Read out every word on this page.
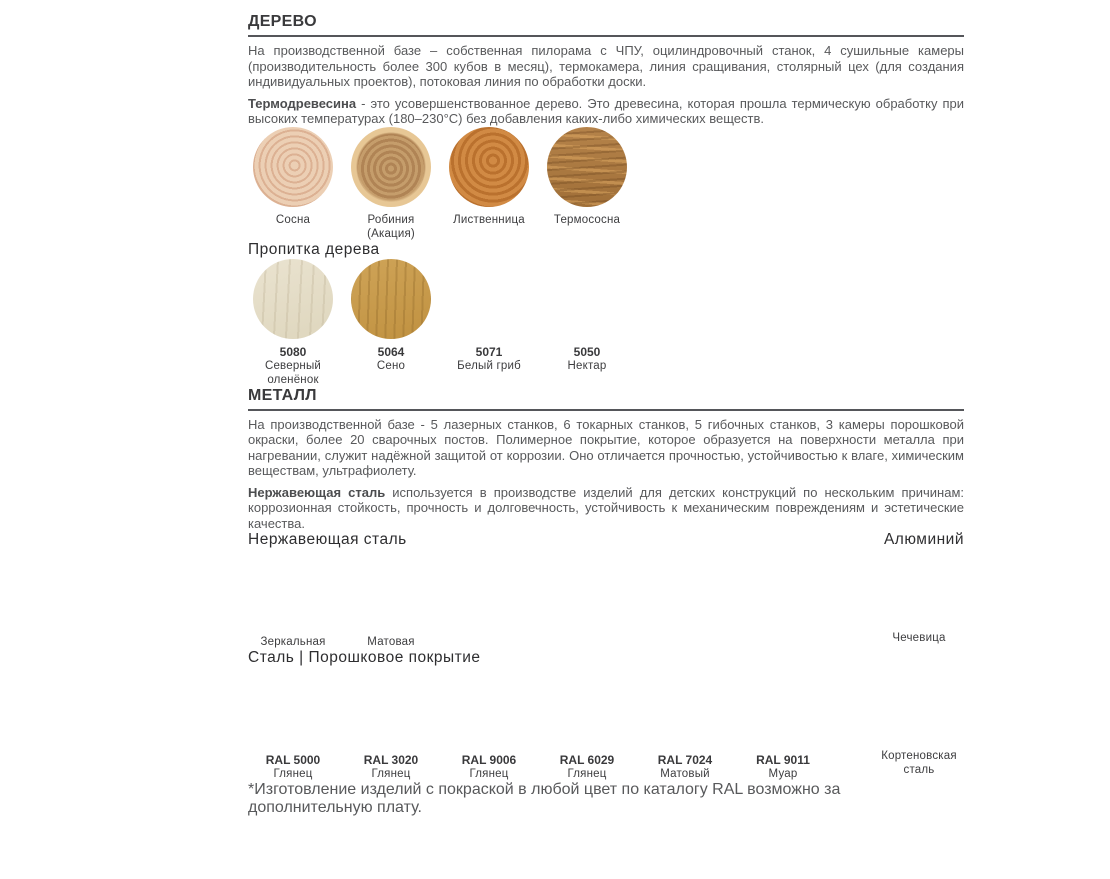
ДЕРЕВО

На производственной базе – собственная пилорама с ЧПУ, оцилиндровочный станок, 4 сушильные камеры (производительность более 300 кубов в месяц), термокамера, линия сращивания, столярный цех (для создания индивидуальных проектов), потоковая линия по обработки доски.

Термодревесина - это усовершенствованное дерево. Это древесина, которая прошла термическую обработку при высоких температурах (180–230°С) без добавления каких-либо химических веществ.

Сосна	Робиния (Акация)
Лиственница	Термососна
Пропитка дерева
5080
Северный оленёнок
5064
Сено
5071
Белый гриб
5050
Нектар
МЕТАЛЛ

На производственной базе - 5 лазерных станков, 6 токарных станков, 5 гибочных станков, 3 камеры порошковой окраски, более 20 сварочных постов. Полимерное покрытие, которое образуется на поверхности металла при нагревании, служит надёжной защитой от коррозии. Оно отличается прочностью, устойчивостью к влаге, химическим веществам, ультрафиолету.

Нержавеющая сталь используется в производстве изделий для детских конструкций по нескольким причинам: коррозионная стойкость, прочность и долговечность, устойчивость к механическим повреждениям и эстетические качества.

Нержавеющая сталь	Алюминий
Зеркальная	Матовая	Чечевица
Сталь | Порошковое покрытие
RAL 5000
Глянец
RAL 3020
Глянец
RAL 9006
Глянец
RAL 6029
Глянец
RAL 7024
Матовый
RAL 9011
Муар
Кортеновская сталь
*Изготовление изделий с покраской в любой цвет по каталогу RAL возможно за дополнительную плату.
